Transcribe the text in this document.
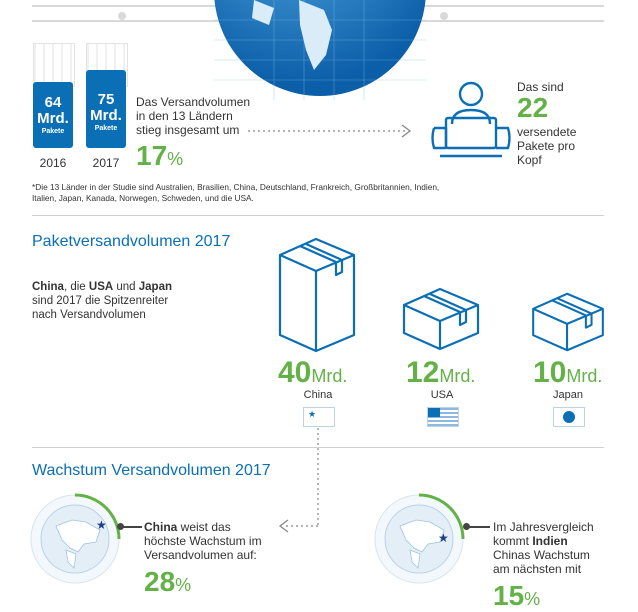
64
Mrd.
Pakete
75
Mrd.
Pakete
2016	2017
Das Versandvolumen
in den 13 Ländern
stieg insgesamt um
17%
Das sind
22
versendete
Pakete pro
Kopf
*Die 13 Länder in der Studie sind Australien, Brasilien, China, Deutschland, Frankreich, Großbritannien, Indien,
Italien, Japan, Kanada, Norwegen, Schweden, und die USA.
Paketversandvolumen 2017
China, die USA und Japan
sind 2017 die Spitzenreiter
nach Versandvolumen
40Mrd.
China
★
12Mrd.
USA
10Mrd.
Japan
Wachstum Versandvolumen 2017
★	China weist das
höchste Wachstum im
Versandvolumen auf:
28%
★
Im Jahresvergleich
kommt Indien
Chinas Wachstum
am nächsten mit
15%
